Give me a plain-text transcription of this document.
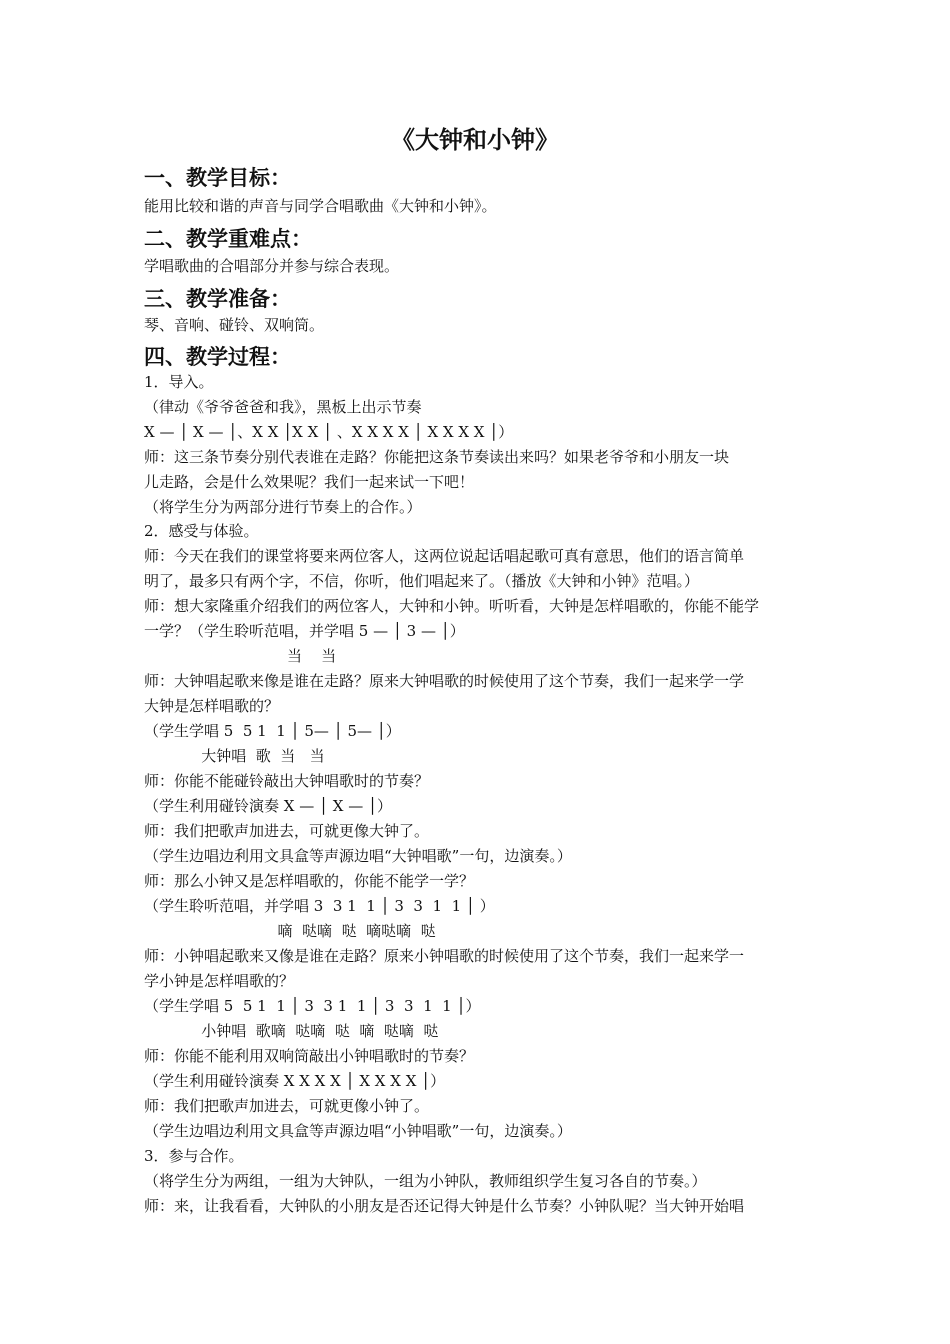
《大钟和小钟》
一、教学目标：
能用比较和谐的声音与同学合唱歌曲《大钟和小钟》。
二、教学重难点：
学唱歌曲的合唱部分并参与综合表现。
三、教学准备：
琴、音响、碰铃、双响筒。
四、教学过程：
1．导入。
（律动《爷爷爸爸和我》，黑板上出示节奏
X — │ X — │、X X │X X │ 、X X X X │ X X X X │）
师：这三条节奏分别代表谁在走路？你能把这条节奏读出来吗？如果老爷爷和小朋友一块
儿走路，会是什么效果呢？我们一起来试一下吧！
（将学生分为两部分进行节奏上的合作。）
2．感受与体验。
师：今天在我们的课堂将要来两位客人，这两位说起话唱起歌可真有意思，他们的语言简单
明了，最多只有两个字，不信，你听，他们唱起来了。（播放《大钟和小钟》范唱。）
师：想大家隆重介绍我们的两位客人，大钟和小钟。听听看，大钟是怎样唱歌的，你能不能学
一学？（学生聆听范唱，并学唱 5 — │ 3 — │）
当    当
师：大钟唱起歌来像是谁在走路？原来大钟唱歌的时候使用了这个节奏，我们一起来学一学
大钟是怎样唱歌的？
（学生学唱 5  5 1  1 │ 5— │ 5— │）
大钟唱  歌  当   当
师：你能不能碰铃敲出大钟唱歌时的节奏？
（学生利用碰铃演奏 X — │ X — │）
师：我们把歌声加进去，可就更像大钟了。
（学生边唱边利用文具盒等声源边唱“大钟唱歌”一句，边演奏。）
师：那么小钟又是怎样唱歌的，你能不能学一学？
（学生聆听范唱，并学唱 3  3 1  1 │ 3  3  1  1 │ ）
嘀  哒嘀  哒  嘀哒嘀  哒
师：小钟唱起歌来又像是谁在走路？原来小钟唱歌的时候使用了这个节奏，我们一起来学一
学小钟是怎样唱歌的？
（学生学唱 5  5 1  1 │ 3  3 1  1 │ 3  3  1  1 │）
小钟唱  歌嘀  哒嘀  哒  嘀  哒嘀  哒
师：你能不能利用双响筒敲出小钟唱歌时的节奏？
（学生利用碰铃演奏 X X X X │ X X X X │）
师：我们把歌声加进去，可就更像小钟了。
（学生边唱边利用文具盒等声源边唱“小钟唱歌”一句，边演奏。）
3．参与合作。
（将学生分为两组，一组为大钟队，一组为小钟队，教师组织学生复习各自的节奏。）
师：来，让我看看，大钟队的小朋友是否还记得大钟是什么节奏？小钟队呢？当大钟开始唱
